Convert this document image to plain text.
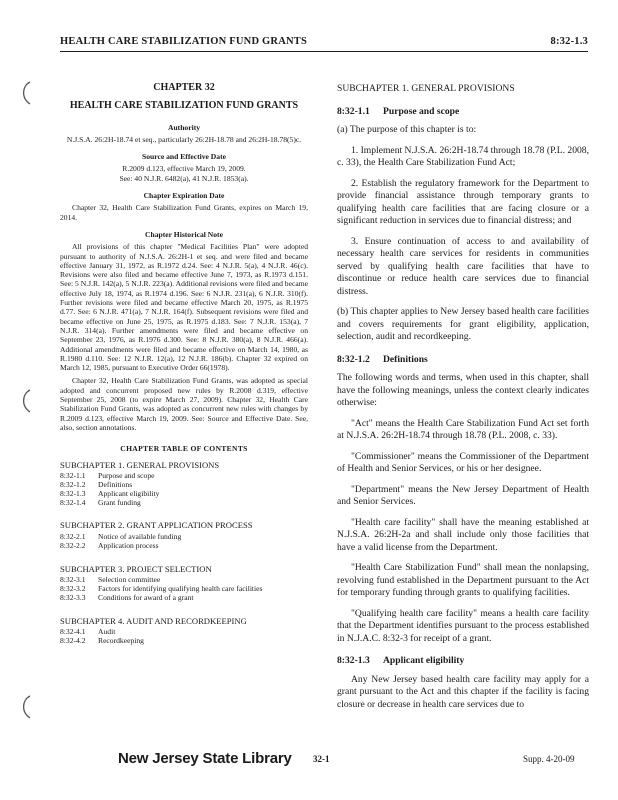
HEALTH CARE STABILIZATION FUND GRANTS	8:32-1.3
CHAPTER 32
HEALTH CARE STABILIZATION FUND GRANTS
Authority
N.J.S.A. 26:2H-18.74 et seq., particularly 26:2H-18.78 and 26:2H-18.78(5)c.
Source and Effective Date
R.2009 d.123, effective March 19, 2009.
See: 40 N.J.R. 6482(a), 41 N.J.R. 1853(a).
Chapter Expiration Date

Chapter 32, Health Care Stabilization Fund Grants, expires on March 19, 2014.

Chapter Historical Note

All provisions of this chapter "Medical Facilities Plan" were adopted pursuant to authority of N.J.S.A. 26:2H-1 et seq. and were filed and became effective January 31, 1972, as R.1972 d.24. See: 4 N.J.R. 5(a), 4 N.J.R. 46(c). Revisions were also filed and became effective June 7, 1973, as R.1973 d.151. See: 5 N.J.R. 142(a), 5 N.J.R. 223(a). Additional revisions were filed and became effective July 18, 1974, as R.1974 d.196. See: 6 N.J.R. 231(a), 6 N.J.R. 310(f). Further revisions were filed and became effective March 20, 1975, as R.1975 d.77. See: 6 N.J.R. 471(a), 7 N.J.R. 164(f). Subsequent revisions were filed and became effective on June 25, 1975, as R.1975 d.183. See: 7 N.J.R. 153(a), 7 N.J.R. 314(a). Further amendments were filed and became effective on September 23, 1976, as R.1976 d.300. See: 8 N.J.R. 380(a), 8 N.J.R. 466(a). Additional amendments were filed and became effective on March 14, 1980, as R.1980 d.110. See: 12 N.J.R. 12(a), 12 N.J.R. 186(b). Chapter 32 expired on March 12, 1985, pursuant to Executive Order 66(1978).

Chapter 32, Health Care Stabilization Fund Grants, was adopted as special adopted and concurrent proposed new rules by R.2008 d.319, effective September 25, 2008 (to expire March 27, 2009). Chapter 32, Health Care Stabilization Fund Grants, was adopted as concurrent new rules with changes by R.2009 d.123, effective March 19, 2009. See: Source and Effective Date. See, also, section annotations.

CHAPTER TABLE OF CONTENTS
SUBCHAPTER 1. GENERAL PROVISIONS
8:32-1.1	Purpose and scope
8:32-1.2	Definitions
8:32-1.3	Applicant eligibility
8:32-1.4	Grant funding
SUBCHAPTER 2. GRANT APPLICATION PROCESS
8:32-2.1	Notice of available funding
8:32-2.2	Application process
SUBCHAPTER 3. PROJECT SELECTION
8:32-3.1	Selection committee
8:32-3.2	Factors for identifying qualifying health care facilities
8:32-3.3	Conditions for award of a grant
SUBCHAPTER 4. AUDIT AND RECORDKEEPING
8:32-4.1	Audit
8:32-4.2	Recordkeeping
SUBCHAPTER 1. GENERAL PROVISIONS
8:32-1.1 Purpose and scope

(a) The purpose of this chapter is to:

1. Implement N.J.S.A. 26:2H-18.74 through 18.78 (P.L. 2008, c. 33), the Health Care Stabilization Fund Act;

2. Establish the regulatory framework for the Department to provide financial assistance through temporary grants to qualifying health care facilities that are facing closure or a significant reduction in services due to financial distress; and

3. Ensure continuation of access to and availability of necessary health care services for residents in communities served by qualifying health care facilities that have to discontinue or reduce health care services due to financial distress.

(b) This chapter applies to New Jersey based health care facilities and covers requirements for grant eligibility, application, selection, audit and recordkeeping.

8:32-1.2 Definitions

The following words and terms, when used in this chapter, shall have the following meanings, unless the context clearly indicates otherwise:

"Act" means the Health Care Stabilization Fund Act set forth at N.J.S.A. 26:2H-18.74 through 18.78 (P.L. 2008, c. 33).

"Commissioner" means the Commissioner of the Department of Health and Senior Services, or his or her designee.

"Department" means the New Jersey Department of Health and Senior Services.

"Health care facility" shall have the meaning established at N.J.S.A. 26:2H-2a and shall include only those facilities that have a valid license from the Department.

"Health Care Stabilization Fund" shall mean the nonlapsing, revolving fund established in the Department pursuant to the Act for temporary funding through grants to qualifying facilities.

"Qualifying health care facility" means a health care facility that the Department identifies pursuant to the process established in N.J.A.C. 8:32-3 for receipt of a grant.

8:32-1.3 Applicant eligibility

Any New Jersey based health care facility may apply for a grant pursuant to the Act and this chapter if the facility is facing closure or decrease in health care services due to

New Jersey State Library 32-1	Supp. 4-20-09
